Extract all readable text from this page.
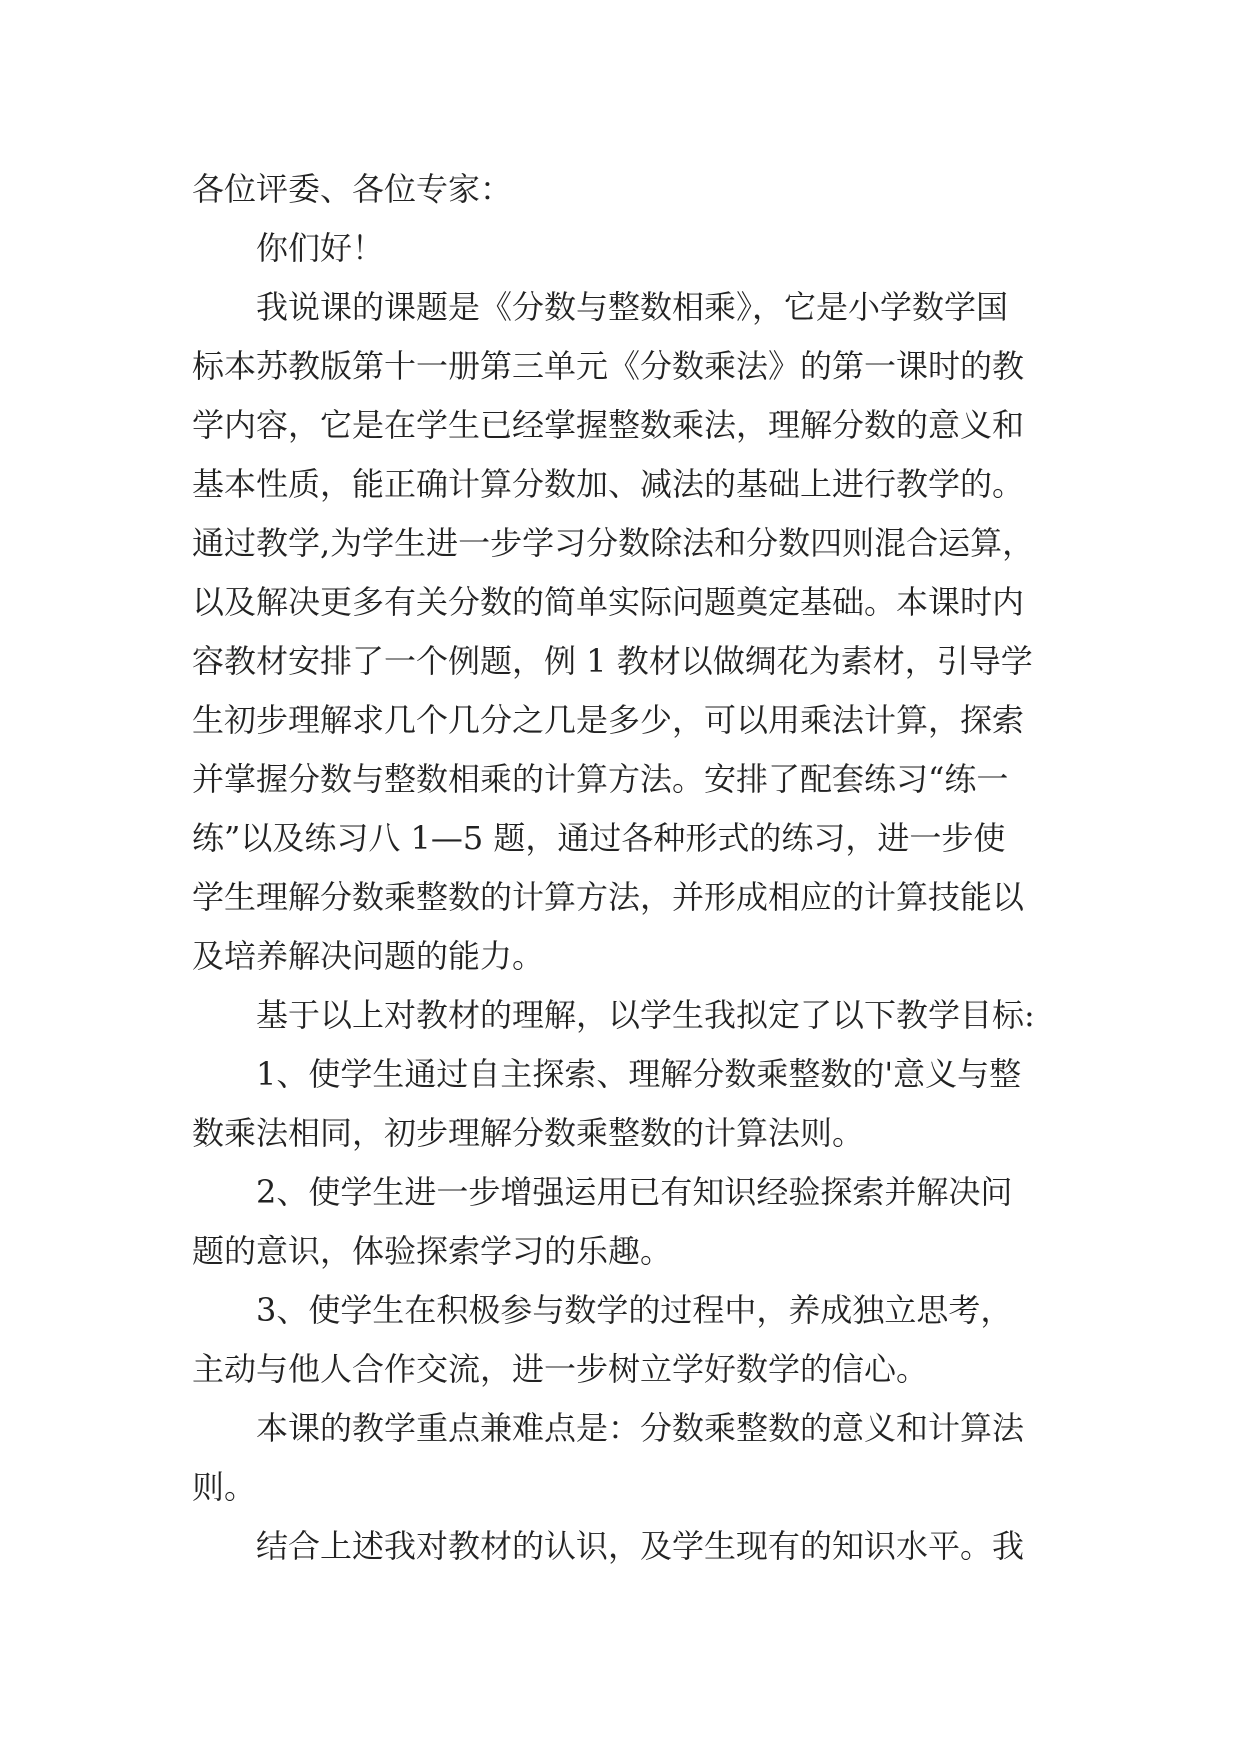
各位评委、各位专家：
你们好！
我说课的课题是《分数与整数相乘》，它是小学数学国
标本苏教版第十一册第三单元《分数乘法》的第一课时的教
学内容，它是在学生已经掌握整数乘法，理解分数的意义和
基本性质，能正确计算分数加、减法的基础上进行教学的。
通过教学,为学生进一步学习分数除法和分数四则混合运算，
以及解决更多有关分数的简单实际问题奠定基础。本课时内
容教材安排了一个例题，例 1 教材以做绸花为素材，引导学
生初步理解求几个几分之几是多少，可以用乘法计算，探索
并掌握分数与整数相乘的计算方法。安排了配套练习“练一
练”以及练习八 1—5 题，通过各种形式的练习，进一步使
学生理解分数乘整数的计算方法，并形成相应的计算技能以
及培养解决问题的能力。
基于以上对教材的理解，以学生我拟定了以下教学目标:
1、使学生通过自主探索、理解分数乘整数的'意义与整
数乘法相同，初步理解分数乘整数的计算法则。
2、使学生进一步增强运用已有知识经验探索并解决问
题的意识，体验探索学习的乐趣。
3、使学生在积极参与数学的过程中，养成独立思考，
主动与他人合作交流，进一步树立学好数学的信心。
本课的教学重点兼难点是：分数乘整数的意义和计算法
则。
结合上述我对教材的认识，及学生现有的知识水平。我
